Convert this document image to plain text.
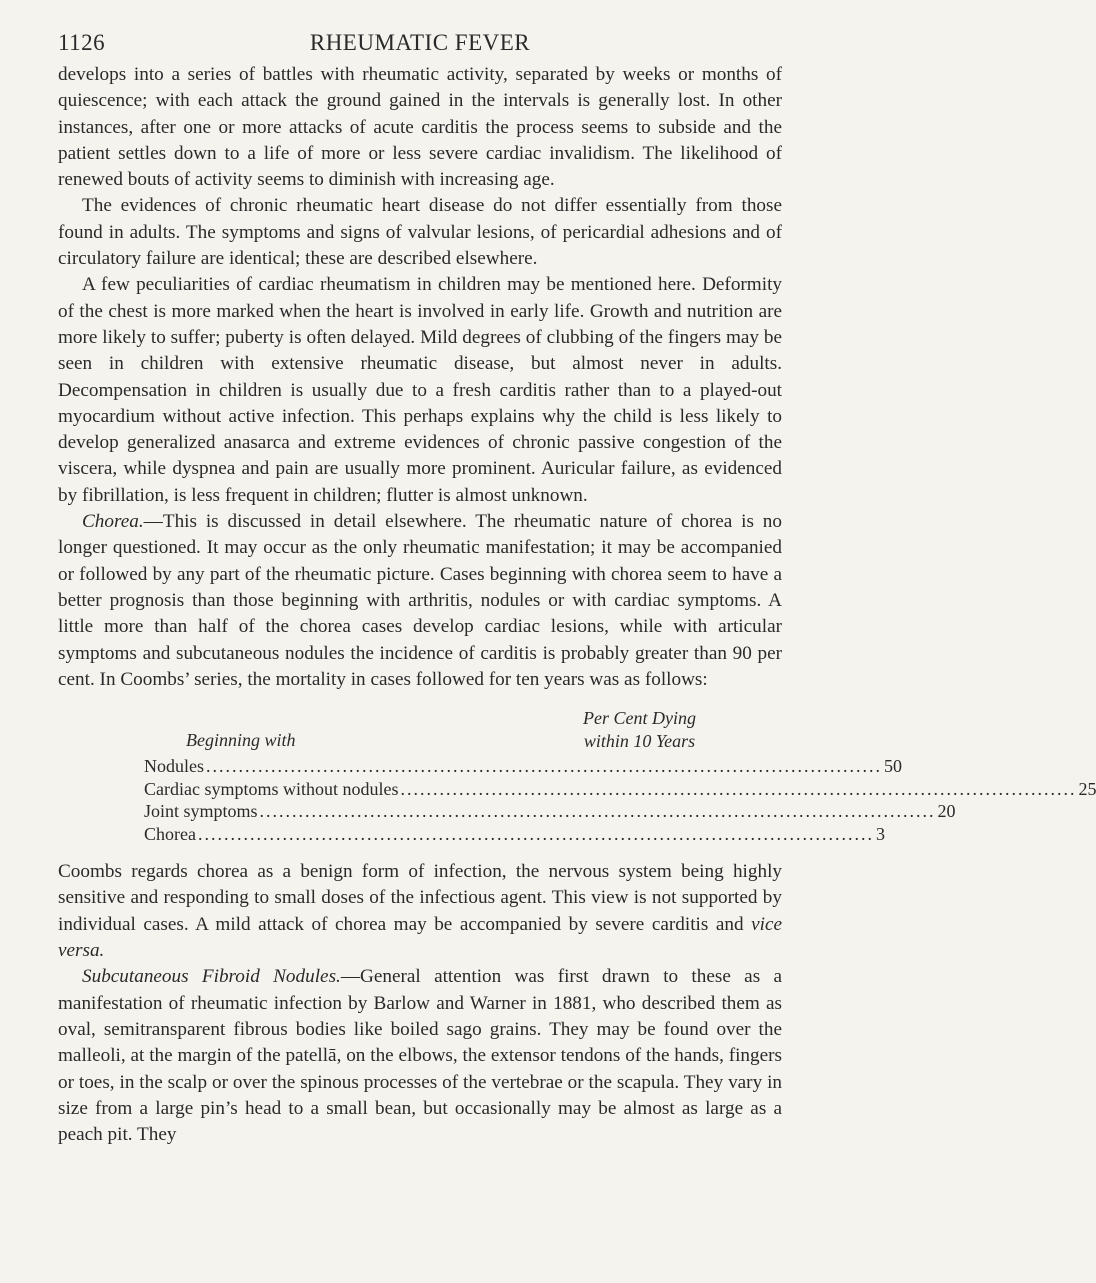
1126	RHEUMATIC FEVER

develops into a series of battles with rheumatic activity, separated by weeks or months of quiescence; with each attack the ground gained in the intervals is generally lost. In other instances, after one or more attacks of acute carditis the process seems to subside and the patient settles down to a life of more or less severe cardiac invalidism. The likelihood of renewed bouts of activity seems to diminish with increasing age.

The evidences of chronic rheumatic heart disease do not differ essentially from those found in adults. The symptoms and signs of valvular lesions, of pericardial adhesions and of circulatory failure are identical; these are described elsewhere.

A few peculiarities of cardiac rheumatism in children may be mentioned here. Deformity of the chest is more marked when the heart is involved in early life. Growth and nutrition are more likely to suffer; puberty is often delayed. Mild degrees of clubbing of the fingers may be seen in children with extensive rheumatic disease, but almost never in adults. Decompensation in children is usually due to a fresh carditis rather than to a played-out myocardium without active infection. This perhaps explains why the child is less likely to develop generalized anasarca and extreme evidences of chronic passive congestion of the viscera, while dyspnea and pain are usually more prominent. Auricular failure, as evidenced by fibrillation, is less frequent in children; flutter is almost unknown.

Chorea.—This is discussed in detail elsewhere. The rheumatic nature of chorea is no longer questioned. It may occur as the only rheumatic manifestation; it may be accompanied or followed by any part of the rheumatic picture. Cases beginning with chorea seem to have a better prognosis than those beginning with arthritis, nodules or with cardiac symptoms. A little more than half of the chorea cases develop cardiac lesions, while with articular symptoms and subcutaneous nodules the incidence of carditis is probably greater than 90 per cent. In Coombs’ series, the mortality in cases followed for ten years was as follows:

Per Cent Dying
within 10 Years
Beginning with
Nodules ........................................................................................................ 50
Cardiac symptoms without nodules ........................................................................................................ 25
Joint symptoms ........................................................................................................ 20
Chorea ........................................................................................................ 3

Coombs regards chorea as a benign form of infection, the nervous system being highly sensitive and responding to small doses of the infectious agent. This view is not supported by individual cases. A mild attack of chorea may be accompanied by severe carditis and vice versa.

Subcutaneous Fibroid Nodules.—General attention was first drawn to these as a manifestation of rheumatic infection by Barlow and Warner in 1881, who described them as oval, semitransparent fibrous bodies like boiled sago grains. They may be found over the malleoli, at the margin of the patellā, on the elbows, the extensor tendons of the hands, fingers or toes, in the scalp or over the spinous processes of the vertebrae or the scapula. They vary in size from a large pin’s head to a small bean, but occasionally may be almost as large as a peach pit. They
